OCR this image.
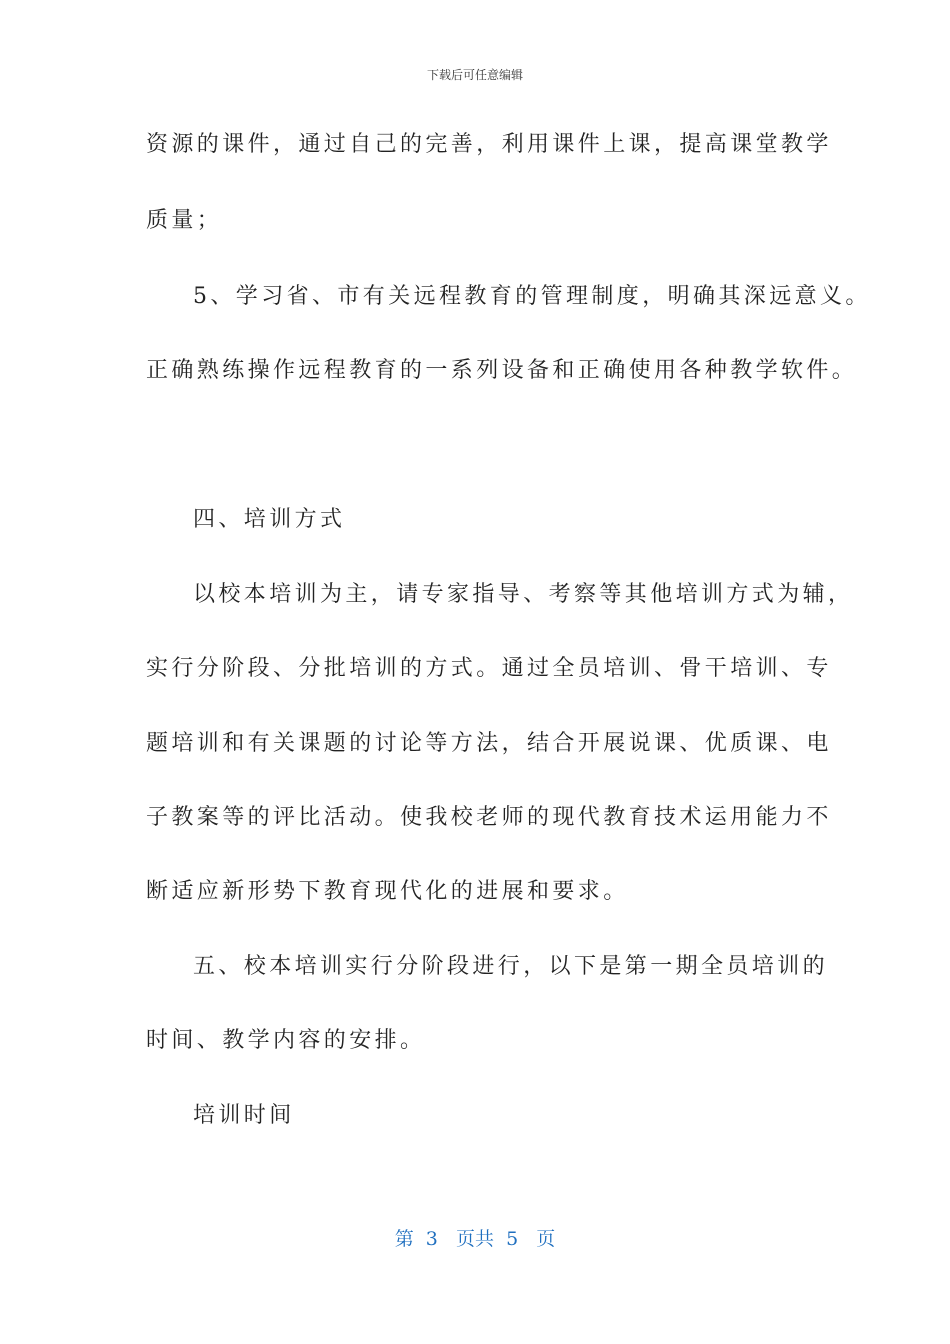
下载后可任意编辑
资源的课件，通过自己的完善，利用课件上课，提高课堂教学
质量；
5、学习省、市有关远程教育的管理制度，明确其深远意义。
正确熟练操作远程教育的一系列设备和正确使用各种教学软件。
四、培训方式
以校本培训为主，请专家指导、考察等其他培训方式为辅，
实行分阶段、分批培训的方式。通过全员培训、骨干培训、专
题培训和有关课题的讨论等方法，结合开展说课、优质课、电
子教案等的评比活动。使我校老师的现代教育技术运用能力不
断适应新形势下教育现代化的进展和要求。
五、校本培训实行分阶段进行，以下是第一期全员培训的
时间、教学内容的安排。
培训时间
第  3   页共  5   页
